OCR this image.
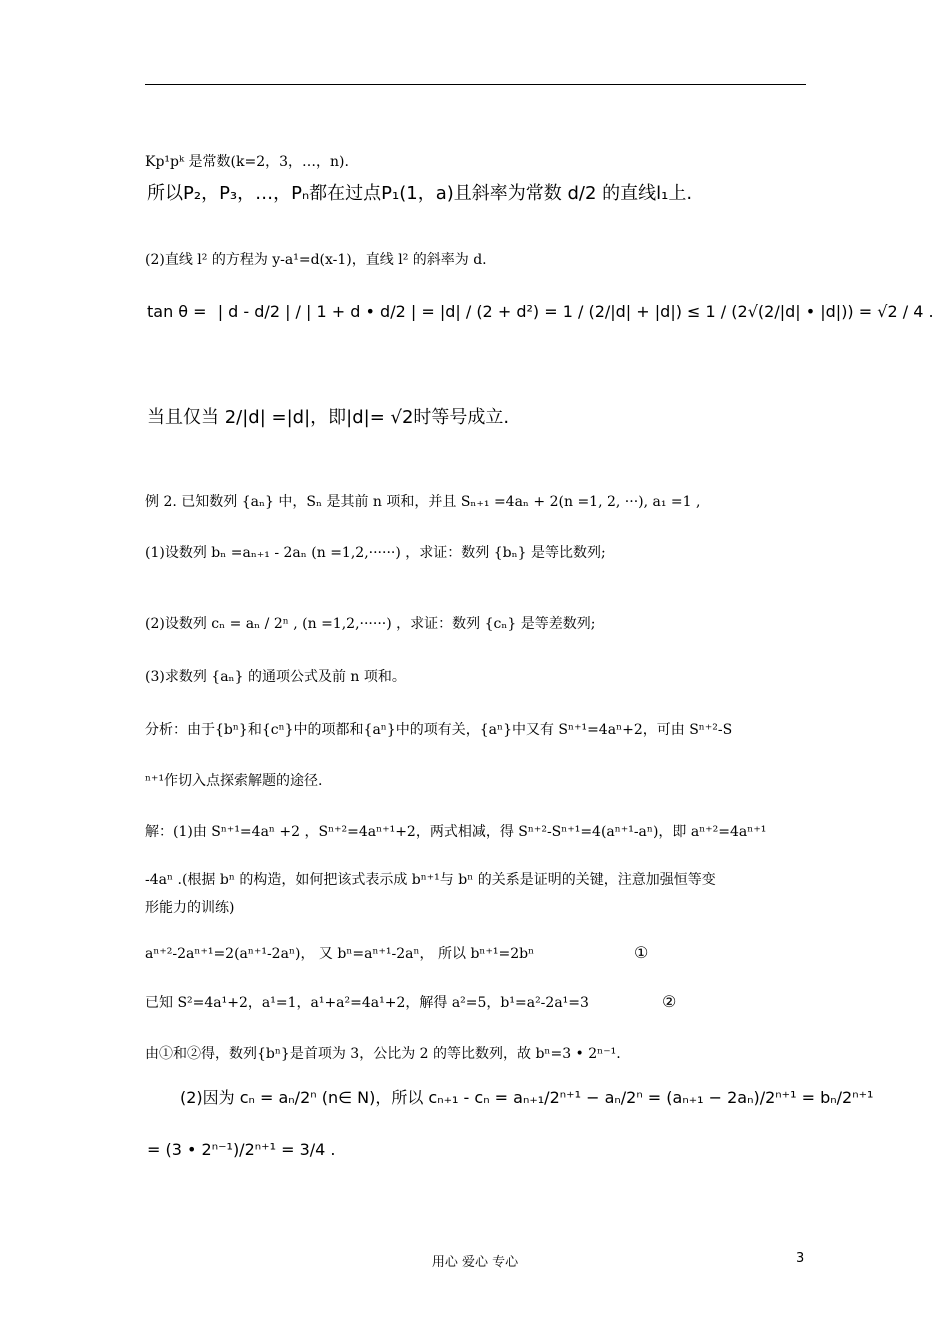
Kp¹pᵏ 是常数(k=2，3，…，n).
所以P₂，P₃，…，Pₙ都在过点P₁(1，a)且斜率为常数 d/2 的直线l₁上.
(2)直线 l² 的方程为 y-a¹=d(x-1)，直线 l² 的斜率为 d.
tan θ = | d - d/2 | / | 1 + d • d/2 | = |d| / (2 + d²) = 1 / (2/|d| + |d|) ≤ 1 / (2√(2/|d| • |d|)) = √2 / 4 .
当且仅当 2/|d| =|d|，即|d|= √2时等号成立.
例 2. 已知数列 {aₙ} 中，Sₙ 是其前 n 项和，并且 Sₙ₊₁ =4aₙ + 2(n =1, 2, ···), a₁ =1 ,
(1)设数列 bₙ =aₙ₊₁ - 2aₙ (n =1,2,······) ，求证：数列 {bₙ} 是等比数列;
(2)设数列 cₙ = aₙ / 2ⁿ , (n =1,2,······) ，求证：数列 {cₙ} 是等差数列;
(3)求数列 {aₙ} 的通项公式及前 n 项和。
分析：由于{bⁿ}和{cⁿ}中的项都和{aⁿ}中的项有关，{aⁿ}中又有 Sⁿ⁺¹=4aⁿ+2，可由 Sⁿ⁺²-S
ⁿ⁺¹作切入点探索解题的途径.
解：(1)由 Sⁿ⁺¹=4aⁿ +2 ，Sⁿ⁺²=4aⁿ⁺¹+2，两式相减，得 Sⁿ⁺²-Sⁿ⁺¹=4(aⁿ⁺¹-aⁿ)，即 aⁿ⁺²=4aⁿ⁺¹
-4aⁿ .(根据 bⁿ 的构造，如何把该式表示成 bⁿ⁺¹与 bⁿ 的关系是证明的关键，注意加强恒等变
形能力的训练)
aⁿ⁺²-2aⁿ⁺¹=2(aⁿ⁺¹-2aⁿ)， 又 bⁿ=aⁿ⁺¹-2aⁿ， 所以 bⁿ⁺¹=2bⁿ	①
已知 S²=4a¹+2，a¹=1，a¹+a²=4a¹+2，解得 a²=5，b¹=a²-2a¹=3	②
由①和②得，数列{bⁿ}是首项为 3，公比为 2 的等比数列，故 bⁿ=3 • 2ⁿ⁻¹.
(2)因为 cₙ = aₙ/2ⁿ (n∈ N)，所以 cₙ₊₁ - cₙ = aₙ₊₁/2ⁿ⁺¹ − aₙ/2ⁿ = (aₙ₊₁ − 2aₙ)/2ⁿ⁺¹ = bₙ/2ⁿ⁺¹
= (3 • 2ⁿ⁻¹)/2ⁿ⁺¹ = 3/4 .
用心 爱心 专心	3
